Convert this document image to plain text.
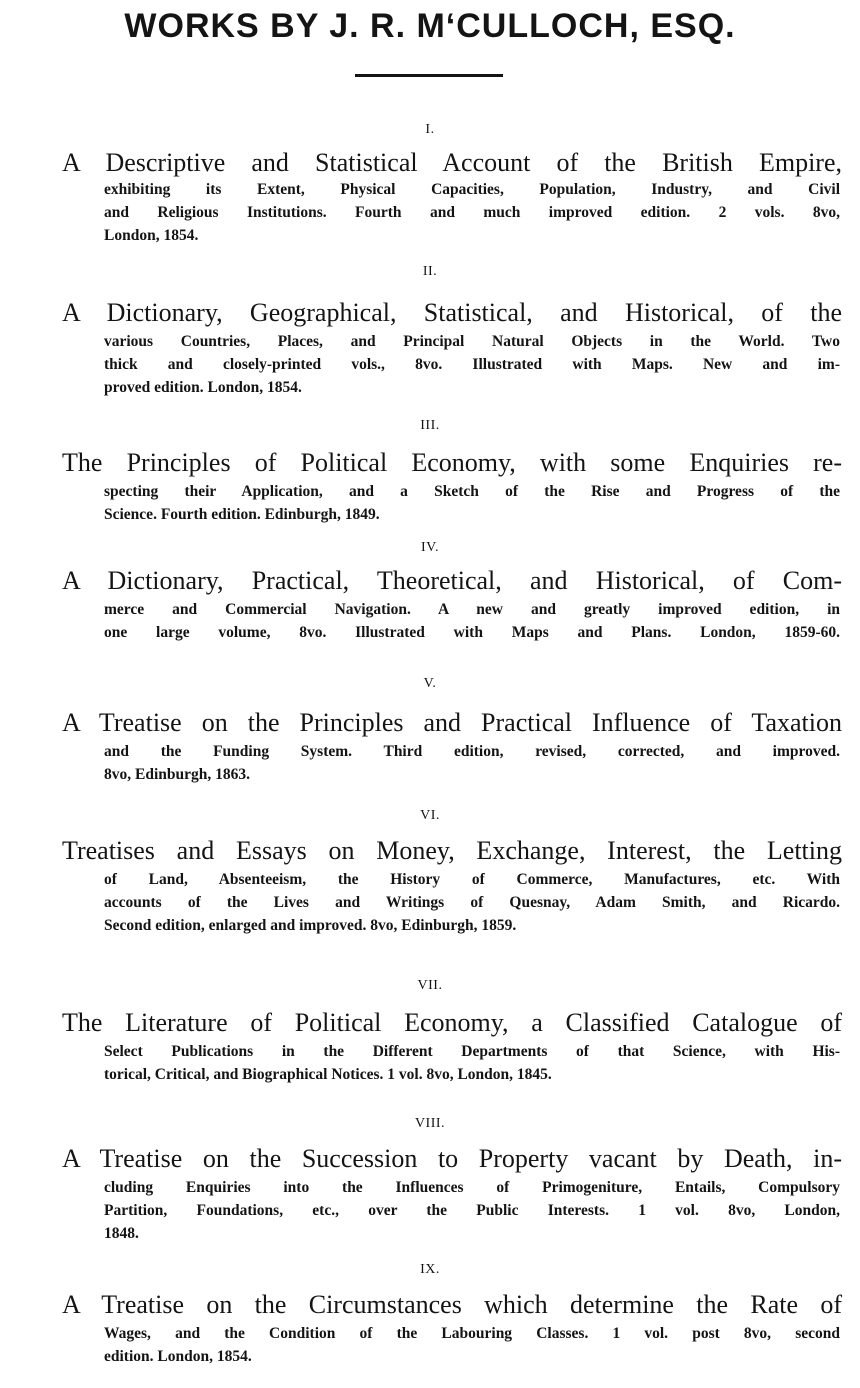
WORKS BY J. R. M‘CULLOCH, ESQ.
I.
A Descriptive and Statistical Account of the British Empire,
exhibiting its Extent, Physical Capacities, Population, Industry, and Civil
and Religious Institutions. Fourth and much improved edition. 2 vols. 8vo,
London, 1854.
II.
A Dictionary, Geographical, Statistical, and Historical, of the
various Countries, Places, and Principal Natural Objects in the World. Two
thick and closely-printed vols., 8vo. Illustrated with Maps. New and im-
proved edition. London, 1854.
III.
The Principles of Political Economy, with some Enquiries re-
specting their Application, and a Sketch of the Rise and Progress of the
Science. Fourth edition. Edinburgh, 1849.
IV.
A Dictionary, Practical, Theoretical, and Historical, of Com-
merce and Commercial Navigation. A new and greatly improved edition, in
one large volume, 8vo. Illustrated with Maps and Plans. London, 1859-60.
V.
A Treatise on the Principles and Practical Influence of Taxation
and the Funding System. Third edition, revised, corrected, and improved.
8vo, Edinburgh, 1863.
VI.
Treatises and Essays on Money, Exchange, Interest, the Letting
of Land, Absenteeism, the History of Commerce, Manufactures, etc. With
accounts of the Lives and Writings of Quesnay, Adam Smith, and Ricardo.
Second edition, enlarged and improved. 8vo, Edinburgh, 1859.
VII.
The Literature of Political Economy, a Classified Catalogue of
Select Publications in the Different Departments of that Science, with His-
torical, Critical, and Biographical Notices. 1 vol. 8vo, London, 1845.
VIII.
A Treatise on the Succession to Property vacant by Death, in-
cluding Enquiries into the Influences of Primogeniture, Entails, Compulsory
Partition, Foundations, etc., over the Public Interests. 1 vol. 8vo, London,
1848.
IX.
A Treatise on the Circumstances which determine the Rate of
Wages, and the Condition of the Labouring Classes. 1 vol. post 8vo, second
edition. London, 1854.
